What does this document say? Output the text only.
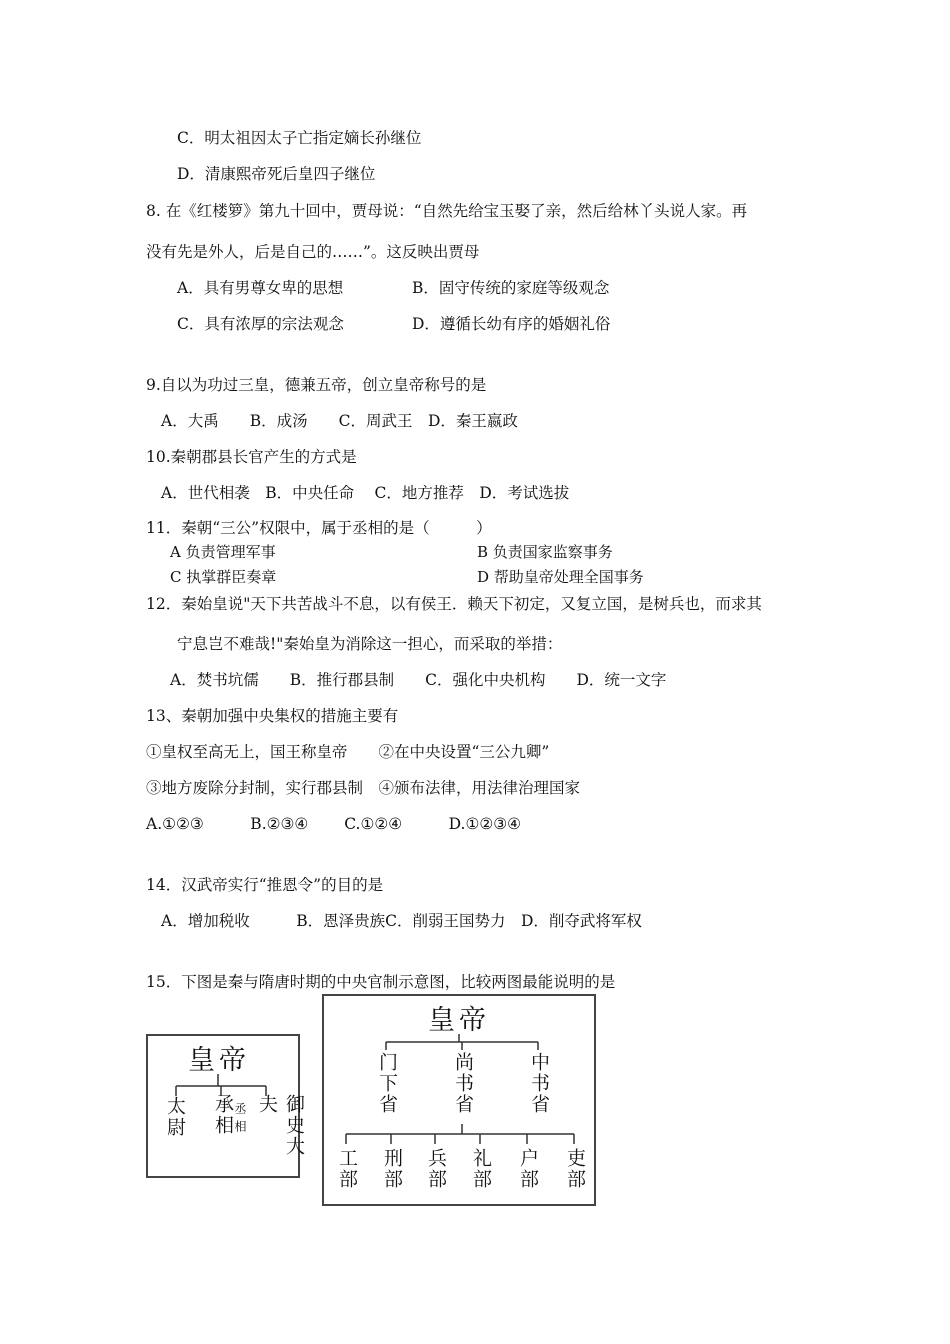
C．明太祖因太子亡指定嫡长孙继位
D．清康熙帝死后皇四子继位
8. 在《红楼箩》第九十回中，贾母说：“自然先给宝玉娶了亲，然后给林丫头说人家。再
没有先是外人，后是自己的……”。这反映出贾母
A．具有男尊女卑的思想	B．固守传统的家庭等级观念
C．具有浓厚的宗法观念	D．遵循长幼有序的婚姻礼俗
9.自以为功过三皇，德兼五帝，创立皇帝称号的是
A．大禹　　B．成汤　　C．周武王　D．秦王嬴政
10.秦朝郡县长官产生的方式是
A．世代相袭　B．中央任命　 C．地方推荐　D．考试选拔
11．秦朝“三公”权限中，属于丞相的是（　　　）
A 负责管理军事	B 负责国家监察事务
C 执掌群臣奏章	D 帮助皇帝处理全国事务
12．秦始皇说"天下共苦战斗不息，以有侯王．赖天下初定，又复立国，是树兵也，而求其
宁息岂不难哉!"秦始皇为消除这一担心，而采取的举措：
A．焚书坑儒　　B．推行郡县制　　C．强化中央机构　　D．统一文字
13、秦朝加强中央集权的措施主要有
①皇权至高无上，国王称皇帝　　②在中央设置“三公九卿”
③地方废除分封制，实行郡县制　④颁布法律，用法律治理国家
A.①②③　　　B.②③④　　 C.①②④　　　D.①②③④
14．汉武帝实行“推恩令”的目的是
A．增加税收　　　B．恩泽贵族C．削弱王国势力　D．削夺武将军权
15．下图是秦与隋唐时期的中央官制示意图，比较两图最能说明的是
皇帝
太尉 承相 丞相	御史大夫
皇帝
门下省	尚书省	中书省
工部 刑部 兵部 礼部 户部 吏部
